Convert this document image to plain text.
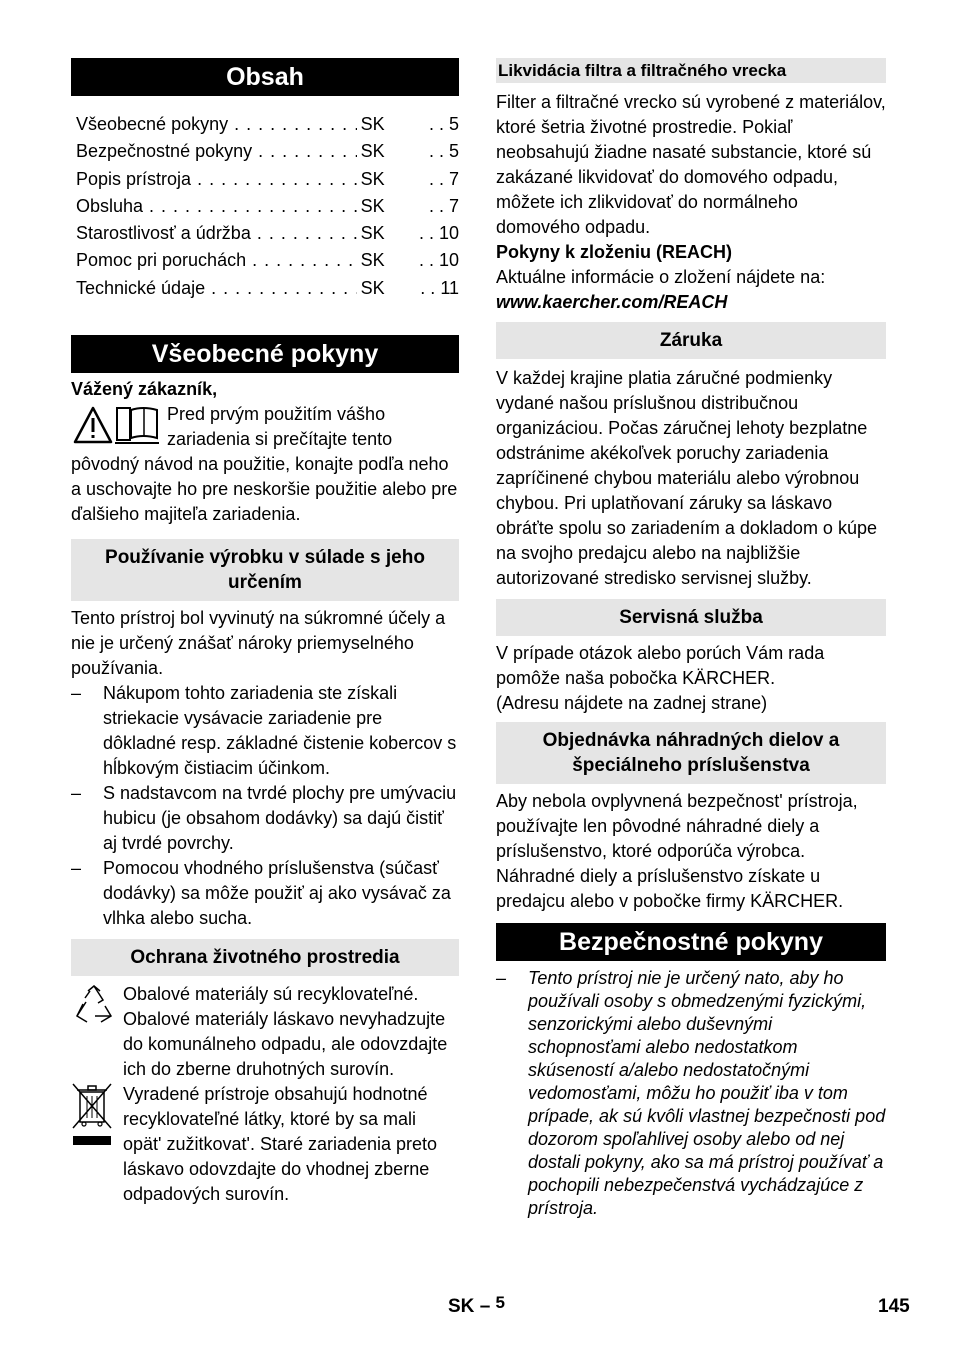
Obsah
Všeobecné pokyny . . .	SK	. . 5
Bezpečnostné pokyny . . .	SK	. . 5
Popis prístroja . . .	SK	. . 7
Obsluha . . .	SK	. . 7
Starostlivosť a údržba . . .	SK	. . 10
Pomoc pri poruchách . . .	SK	. . 10
Technické údaje . . .	SK	. . 11
Všeobecné pokyny

Vážený zákazník,

Pred prvým použitím vášho zariadenia si prečítajte tento pôvodný návod na použitie, konajte podľa neho a uschovajte ho pre neskoršie použitie alebo pre ďalšieho majiteľa zariadenia.

Používanie výrobku v súlade s jeho určením

Tento prístroj bol vyvinutý na súkromné účely a nie je určený znášať nároky priemyselného používania.

– Nákupom tohto zariadenia ste získali striekacie vysávacie zariadenie pre dôkladné resp. základné čistenie kobercov s hĺbkovým čistiacim účinkom.
– S nadstavcom na tvrdé plochy pre umývaciu hubicu (je obsahom dodávky) sa dajú čistiť aj tvrdé povrchy.
– Pomocou vhodného príslušenstva (súčasť dodávky) sa môže použiť aj ako vysávač za vlhka alebo sucha.
Ochrana životného prostredia

Obalové materiály sú recyklovateľné. Obalové materiály láskavo nevyhadzujte do komunálneho odpadu, ale odovzdajte ich do zberne druhotných surovín.

Vyradené prístroje obsahujú hodnotné recyklovateľné látky, ktoré by sa mali opät' zužitkovat'. Staré zariadenia preto láskavo odovzdajte do vhodnej zberne odpadových surovín.

Likvidácia filtra a filtračného vrecka

Filter a filtračné vrecko sú vyrobené z materiálov, ktoré šetria životné prostredie. Pokiaľ neobsahujú žiadne nasaté substancie, ktoré sú zakázané likvidovať do domového odpadu, môžete ich zlikvidovať do normálneho domového odpadu.

Pokyny k zloženiu (REACH)

Aktuálne informácie o zložení nájdete na:

www.kaercher.com/REACH

Záruka

V každej krajine platia záručné podmienky vydané našou príslušnou distribučnou organizáciou. Počas záručnej lehoty bezplatne odstránime akékoľvek poruchy zariadenia zapríčinené chybou materiálu alebo výrobnou chybou. Pri uplatňovaní záruky sa láskavo obráťte spolu so zariadením a dokladom o kúpe na svojho predajcu alebo na najbližšie autorizované stredisko servisnej služby.

Servisná služba

V prípade otázok alebo porúch Vám rada pomôže naša pobočka KÄRCHER.

(Adresu nájdete na zadnej strane)

Objednávka náhradných dielov a špeciálneho príslušenstva

Aby nebola ovplyvnená bezpečnost' prístroja, používajte len pôvodné náhradné diely a príslušenstvo, ktoré odporúča výrobca.

Náhradné diely a príslušenstvo získate u predajcu alebo v pobočke firmy KÄRCHER.

Bezpečnostné pokyny
– Tento prístroj nie je určený nato, aby ho používali osoby s obmedzenými fyzickými, senzorickými alebo duševnými schopnosťami alebo nedostatkom skúseností a/alebo nedostatočnými vedomosťami, môžu ho použiť iba v tom prípade, ak sú kvôli vlastnej bezpečnosti pod dozorom spoľahlivej osoby alebo od nej dostali pokyny, ako sa má prístroj používať a pochopili nebezpečenstvá vychádzajúce z prístroja.
SK – 5	145
